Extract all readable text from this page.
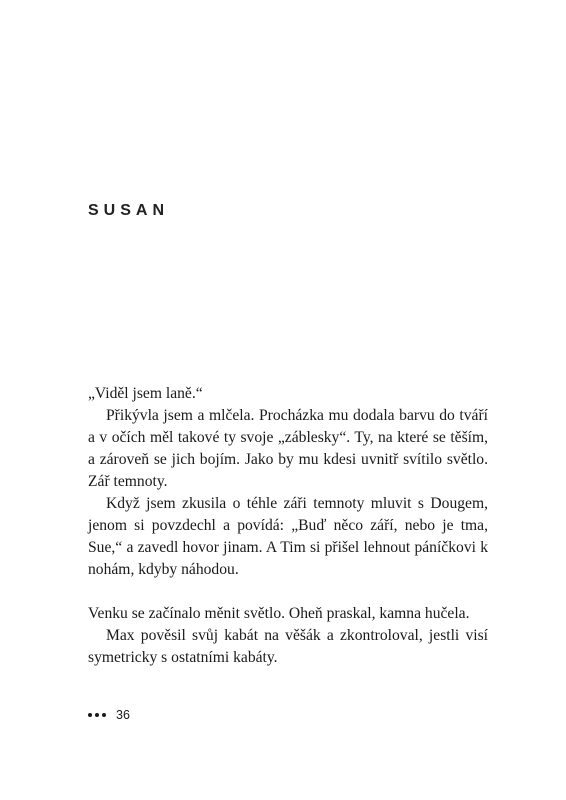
SUSAN

„Viděl jsem laně.“

Přikývla jsem a mlčela. Procházka mu dodala barvu do tváří a v očích měl takové ty svoje „záblesky“. Ty, na které se těším, a zároveň se jich bojím. Jako by mu kdesi uvnitř svítilo světlo. Zář temnoty.

Když jsem zkusila o téhle záři temnoty mluvit s Dougem, jenom si povzdechl a povídá: „Buď něco září, nebo je tma, Sue,“ a zavedl hovor jinam. A Tim si přišel lehnout páníčkovi k nohám, kdyby náhodou.

Venku se začínalo měnit světlo. Oheň praskal, kamna hučela.

Max pověsil svůj kabát na věšák a zkontroloval, jestli visí symetricky s ostatními kabáty.

36
